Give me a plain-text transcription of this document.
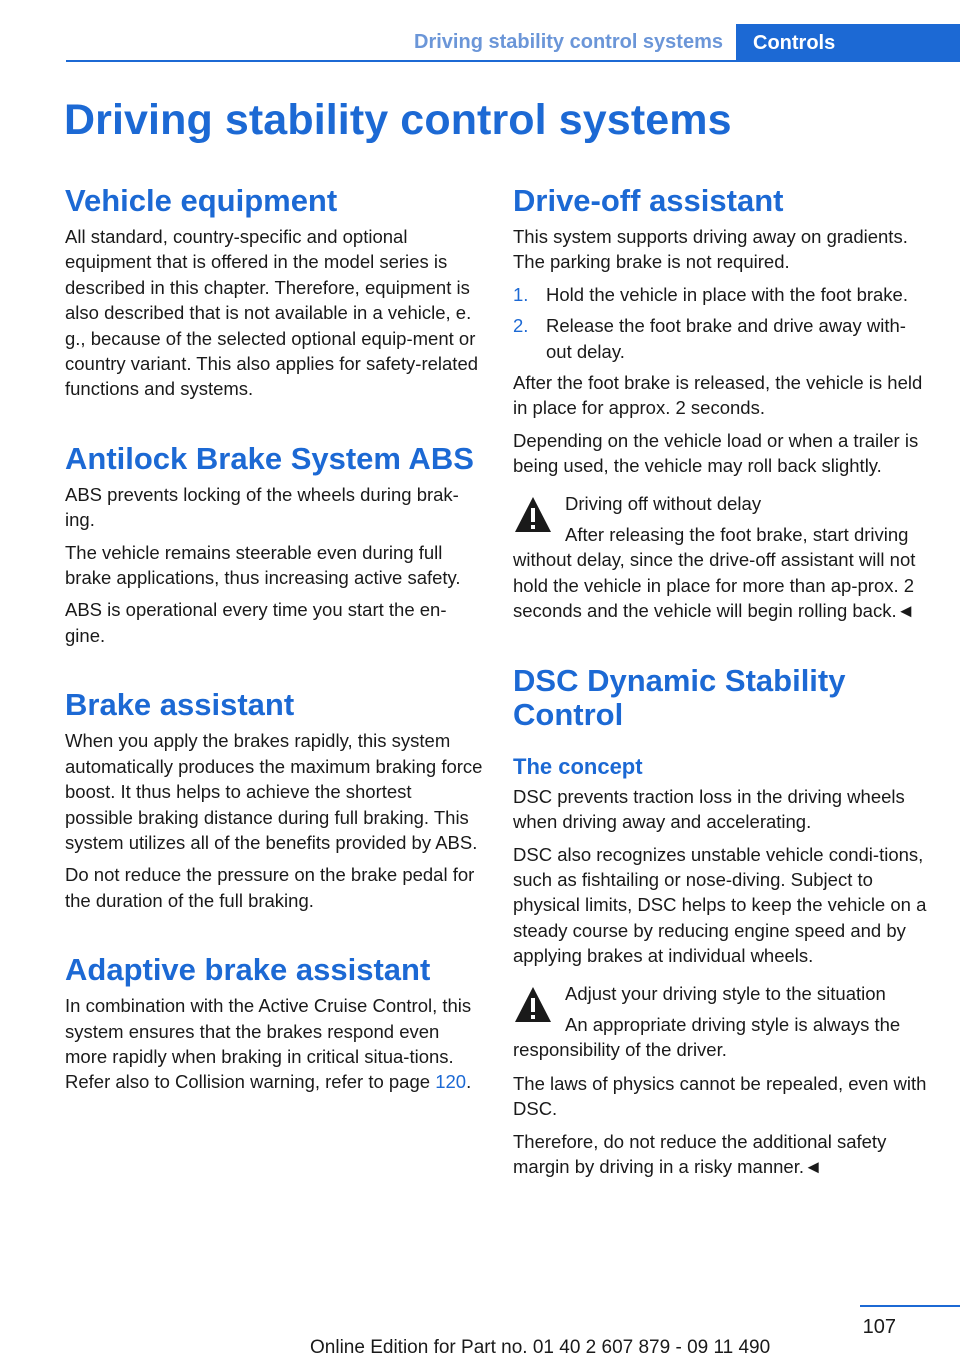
Driving stability control systems	Controls
Driving stability control systems
Vehicle equipment

All standard, country-specific and optional equipment that is offered in the model series is described in this chapter. Therefore, equipment is also described that is not available in a vehicle, e. g., because of the selected optional equip-ment or country variant. This also applies for safety-related functions and systems.

Antilock Brake System ABS

ABS prevents locking of the wheels during brak-ing.

The vehicle remains steerable even during full brake applications, thus increasing active safety.

ABS is operational every time you start the en-gine.

Brake assistant

When you apply the brakes rapidly, this system automatically produces the maximum braking force boost. It thus helps to achieve the shortest possible braking distance during full braking. This system utilizes all of the benefits provided by ABS.

Do not reduce the pressure on the brake pedal for the duration of the full braking.

Adaptive brake assistant

In combination with the Active Cruise Control, this system ensures that the brakes respond even more rapidly when braking in critical situa-tions. Refer also to Collision warning, refer to page 120.

Drive-off assistant

This system supports driving away on gradients. The parking brake is not required.

1. Hold the vehicle in place with the foot brake.
2. Release the foot brake and drive away with-out delay.

After the foot brake is released, the vehicle is held in place for approx. 2 seconds.

Depending on the vehicle load or when a trailer is being used, the vehicle may roll back slightly.

Driving off without delay

After releasing the foot brake, start driving without delay, since the drive-off assistant will not hold the vehicle in place for more than ap-prox. 2 seconds and the vehicle will begin rolling back.◄

DSC Dynamic Stability Control
The concept

DSC prevents traction loss in the driving wheels when driving away and accelerating.

DSC also recognizes unstable vehicle condi-tions, such as fishtailing or nose-diving. Subject to physical limits, DSC helps to keep the vehicle on a steady course by reducing engine speed and by applying brakes at individual wheels.

Adjust your driving style to the situation

An appropriate driving style is always the responsibility of the driver.

The laws of physics cannot be repealed, even with DSC.

Therefore, do not reduce the additional safety margin by driving in a risky manner.◄

107
Online Edition for Part no. 01 40 2 607 879 - 09 11 490
